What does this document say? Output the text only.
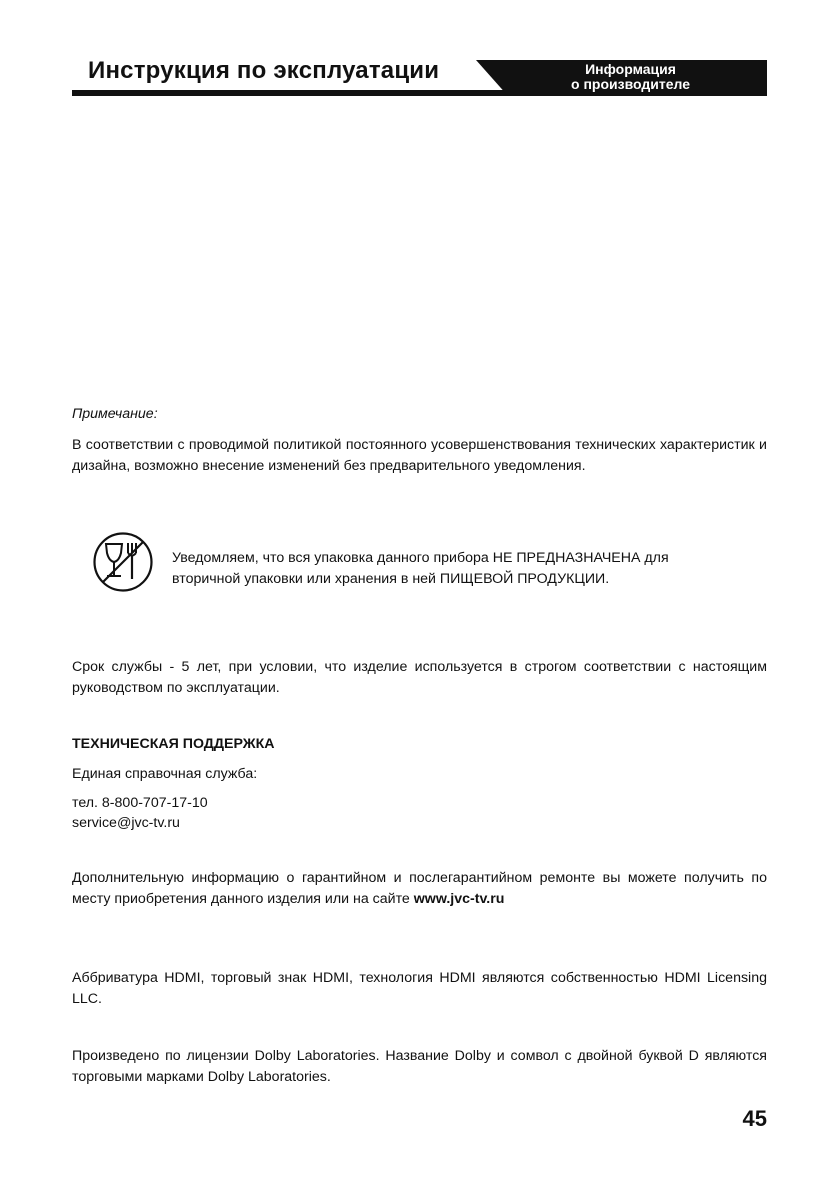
Инструкция по эксплуатации	Информация
о производителе
Примечание:
В соответствии с проводимой политикой постоянного усовершенствования технических характеристик и дизайна, возможно внесение изменений без предварительного уведомления.
Уведомляем, что вся упаковка данного прибора НЕ ПРЕДНАЗНАЧЕНА для
вторичной упаковки или хранения в ней ПИЩЕВОЙ ПРОДУКЦИИ.
Срок службы - 5 лет, при условии, что изделие используется в строгом соответствии с настоящим руководством по эксплуатации.
ТЕХНИЧЕСКАЯ ПОДДЕРЖКА
Единая справочная служба:
тел. 8-800-707-17-10
service@jvc-tv.ru
Дополнительную информацию о гарантийном и послегарантийном ремонте вы можете получить по месту приобретения данного изделия или на сайте www.jvc-tv.ru
Аббриватура HDMI, торговый знак HDMI, технология HDMI являются собственностью HDMI Licensing LLC.
Произведено по лицензии Dolby Laboratories. Название Dolby и сомвол с двойной буквой D являются торговыми марками Dolby Laboratories.
45
